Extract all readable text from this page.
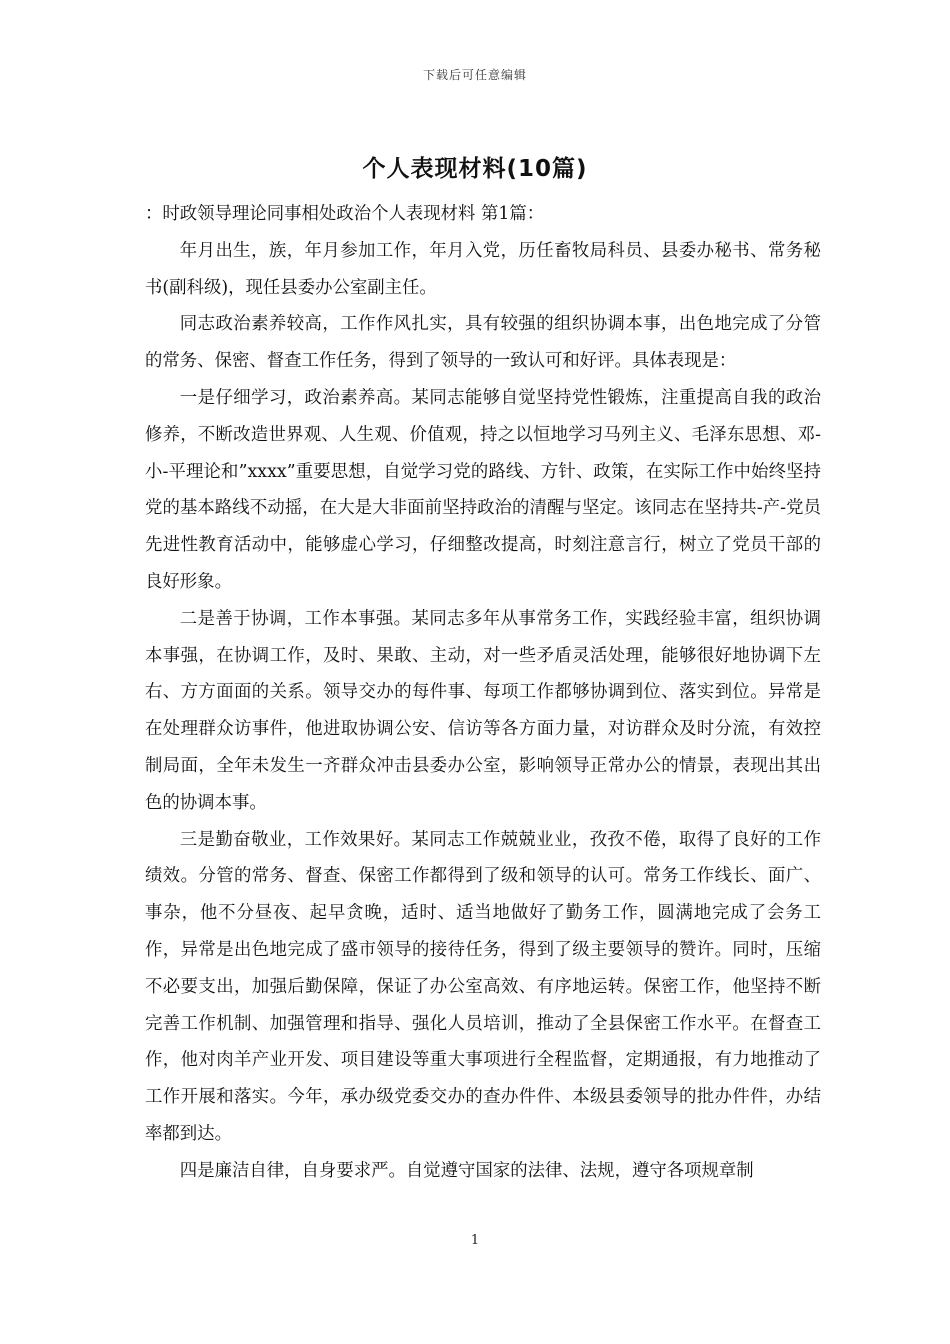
下载后可任意编辑
个人表现材料(10篇)

：时政领导理论同事相处政治个人表现材料 第1篇：

年月出生，族，年月参加工作，年月入党，历任畜牧局科员、县委办秘书、常务秘书(副科级)，现任县委办公室副主任。

同志政治素养较高，工作作风扎实，具有较强的组织协调本事，出色地完成了分管的常务、保密、督查工作任务，得到了领导的一致认可和好评。具体表现是：

一是仔细学习，政治素养高。某同志能够自觉坚持党性锻炼，注重提高自我的政治修养，不断改造世界观、人生观、价值观，持之以恒地学习马列主义、毛泽东思想、邓-小-平理论和”xxxx”重要思想，自觉学习党的路线、方针、政策，在实际工作中始终坚持党的基本路线不动摇，在大是大非面前坚持政治的清醒与坚定。该同志在坚持共-产-党员先进性教育活动中，能够虚心学习，仔细整改提高，时刻注意言行，树立了党员干部的良好形象。

二是善于协调，工作本事强。某同志多年从事常务工作，实践经验丰富，组织协调本事强，在协调工作，及时、果敢、主动，对一些矛盾灵活处理，能够很好地协调下左右、方方面面的关系。领导交办的每件事、每项工作都够协调到位、落实到位。异常是在处理群众访事件，他进取协调公安、信访等各方面力量，对访群众及时分流，有效控制局面，全年未发生一齐群众冲击县委办公室，影响领导正常办公的情景，表现出其出色的协调本事。

三是勤奋敬业，工作效果好。某同志工作兢兢业业，孜孜不倦，取得了良好的工作绩效。分管的常务、督查、保密工作都得到了级和领导的认可。常务工作线长、面广、事杂，他不分昼夜、起早贪晚，适时、适当地做好了勤务工作，圆满地完成了会务工作，异常是出色地完成了盛市领导的接待任务，得到了级主要领导的赞许。同时，压缩不必要支出，加强后勤保障，保证了办公室高效、有序地运转。保密工作，他坚持不断完善工作机制、加强管理和指导、强化人员培训，推动了全县保密工作水平。在督查工作，他对肉羊产业开发、项目建设等重大事项进行全程监督，定期通报，有力地推动了工作开展和落实。今年，承办级党委交办的查办件件、本级县委领导的批办件件，办结率都到达。

四是廉洁自律，自身要求严。自觉遵守国家的法律、法规，遵守各项规章制

1
